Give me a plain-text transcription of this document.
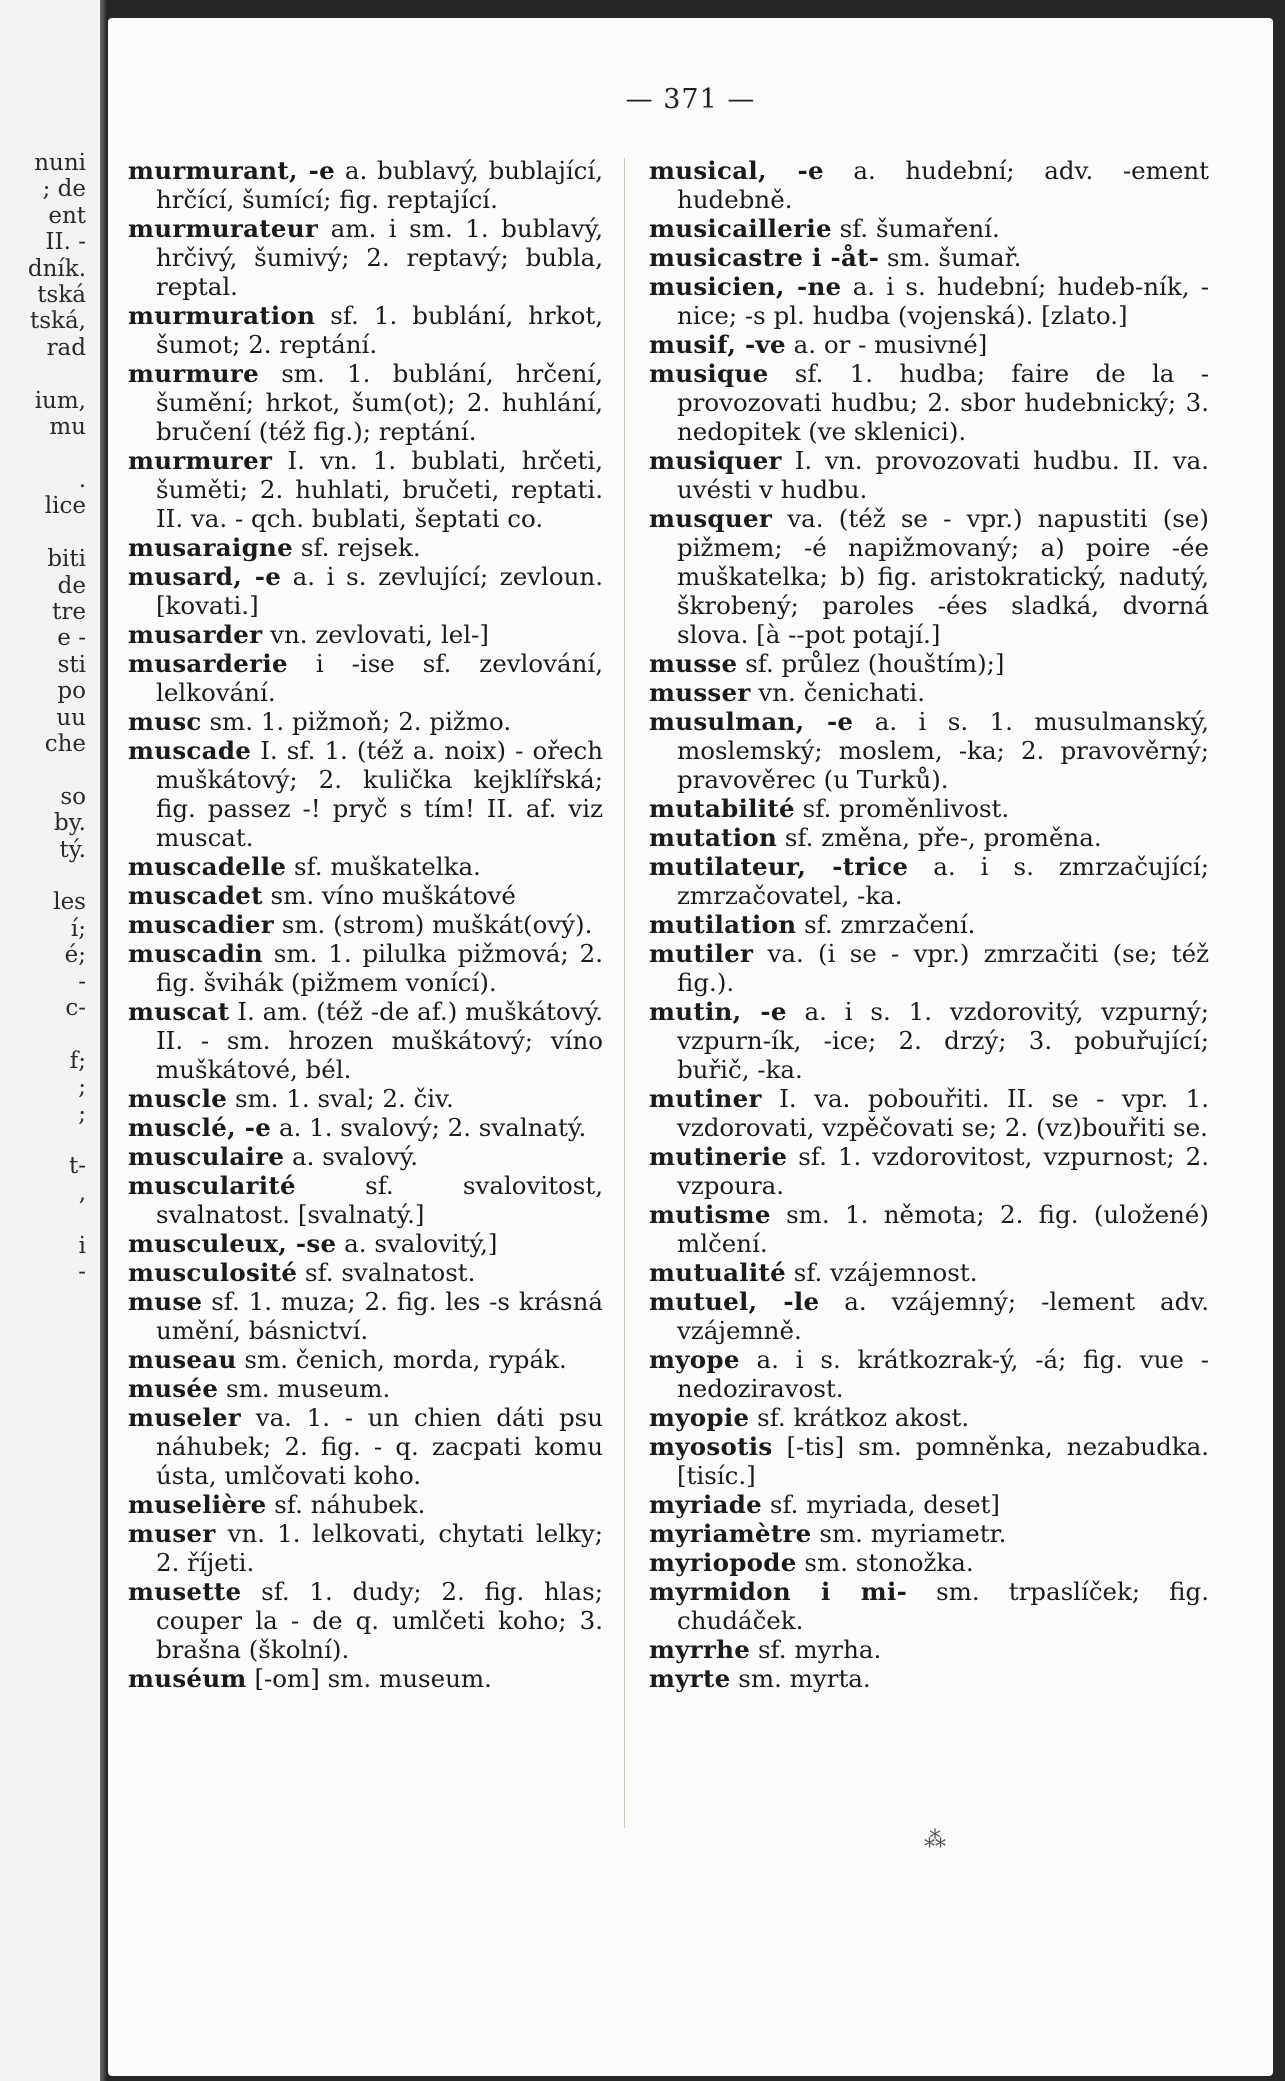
nuni
; de
ent
II. -
dník.
tská
tská,
rad

ium,
mu

.
lice

biti
de
tre
e -
sti
po
uu
che

so
by.
tý.

les
í;
é;
-
c-

f;
;
;

t-
,

i
-
— 371 —

murmurant, -e a. bublavý, bublající, hrčící, šumící; fig. reptající.

murmurateur am. i sm. 1. bublavý, hrčivý, šumivý; 2. reptavý; bubla, reptal.

murmuration sf. 1. bublání, hrkot, šumot; 2. reptání.

murmure sm. 1. bublání, hrčení, šumění; hrkot, šum(ot); 2. huhlání, bručení (též fig.); reptání.

murmurer I. vn. 1. bublati, hrčeti, šuměti; 2. huhlati, bručeti, reptati. II. va. - qch. bublati, šeptati co.

musaraigne sf. rejsek.

musard, -e a. i s. zevlující; zevloun. [kovati.]

musarder vn. zevlovati, lel-]

musarderie i -ise sf. zevlování, lelkování.

musc sm. 1. pižmoň; 2. pižmo.

muscade I. sf. 1. (též a. noix) - ořech muškátový; 2. kulička kejklířská; fig. passez -! pryč s tím! II. af. viz muscat.

muscadelle sf. muškatelka.

muscadet sm. víno muškátové

muscadier sm. (strom) muškát(ový).

muscadin sm. 1. pilulka pižmová; 2. fig. švihák (pižmem vonící).

muscat I. am. (též -de af.) muškátový. II. - sm. hrozen muškátový; víno muškátové, bél.

muscle sm. 1. sval; 2. čiv.

musclé, -e a. 1. svalový; 2. svalnatý.

musculaire a. svalový.

muscularité sf. svalovitost, svalnatost. [svalnatý.]

musculeux, -se a. svalovitý,]

musculosité sf. svalnatost.

muse sf. 1. muza; 2. fig. les -s krásná umění, básnictví.

museau sm. čenich, morda, rypák.

musée sm. museum.

museler va. 1. - un chien dáti psu náhubek; 2. fig. - q. zacpati komu ústa, umlčovati koho.

muselière sf. náhubek.

muser vn. 1. lelkovati, chytati lelky; 2. říjeti.

musette sf. 1. dudy; 2. fig. hlas; couper la - de q. umlčeti koho; 3. brašna (školní).

muséum [-om] sm. museum.

musical, -e a. hudební; adv. -ement hudebně.

musicaillerie sf. šumaření.

musicastre i -åt- sm. šumař.

musicien, -ne a. i s. hudební; hudeb-ník, -nice; -s pl. hudba (vojenská). [zlato.]

musif, -ve a. or - musivné]

musique sf. 1. hudba; faire de la - provozovati hudbu; 2. sbor hudebnický; 3. nedopitek (ve sklenici).

musiquer I. vn. provozovati hudbu. II. va. uvésti v hudbu.

musquer va. (též se - vpr.) napustiti (se) pižmem; -é napižmovaný; a) poire -ée muškatelka; b) fig. aristokratický, nadutý, škrobený; paroles -ées sladká, dvorná slova. [à --pot potají.]

musse sf. průlez (houštím);]

musser vn. čenichati.

musulman, -e a. i s. 1. musulmanský, moslemský; moslem, -ka; 2. pravověrný; pravověrec (u Turků).

mutabilité sf. proměnlivost.

mutation sf. změna, pře-, proměna.

mutilateur, -trice a. i s. zmrzačující; zmrzačovatel, -ka.

mutilation sf. zmrzačení.

mutiler va. (i se - vpr.) zmrzačiti (se; též fig.).

mutin, -e a. i s. 1. vzdorovitý, vzpurný; vzpurn-ík, -ice; 2. drzý; 3. pobuřující; buřič, -ka.

mutiner I. va. pobouřiti. II. se - vpr. 1. vzdorovati, vzpěčovati se; 2. (vz)bouřiti se.

mutinerie sf. 1. vzdorovitost, vzpurnost; 2. vzpoura.

mutisme sm. 1. němota; 2. fig. (uložené) mlčení.

mutualité sf. vzájemnost.

mutuel, -le a. vzájemný; -lement adv. vzájemně.

myope a. i s. krátkozrak-ý, -á; fig. vue - nedoziravost.

myopie sf. krátkoz akost.

myosotis [-tis] sm. pomněnka, nezabudka. [tisíc.]

myriade sf. myriada, deset]

myriamètre sm. myriametr.

myriopode sm. stonožka.

myrmidon i mi- sm. trpaslíček; fig. chudáček.

myrrhe sf. myrha.

myrte sm. myrta.

⁂
